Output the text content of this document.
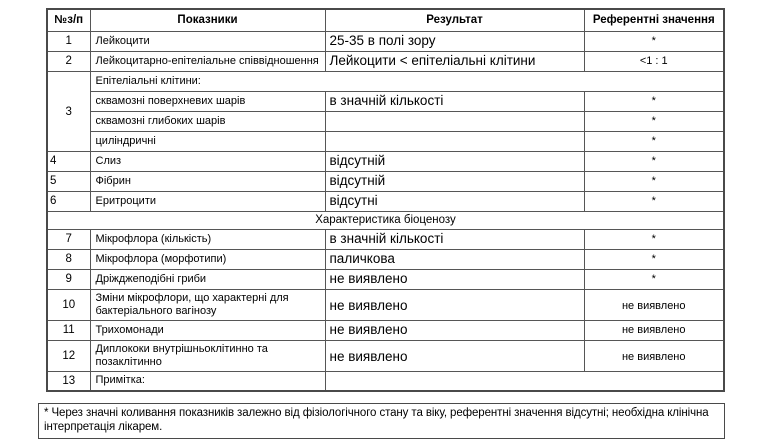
№з/п	Показники	Результат	Референтні значення
1	Лейкоцити	25-35 в полі зору	*
2	Лейкоцитарно-епітеліальне співвідношення	Лейкоцити < епітеліальні клітини	<1 : 1
3	Епітеліальні клітини:		
	сквамозні поверхневих шарів	в значній кількості	*
	сквамозні глибоких шарів		*
	циліндричні		*
4	Слиз	відсутній	*
5	Фібрин	відсутній	*
6	Еритроцити	відсутні	*
Характеристика біоценозу			
7	Мікрофлора (кількість)	в значній кількості	*
8	Мікрофлора (морфотипи)	паличкова	*
9	Дріжджеподібні гриби	не виявлено	*
10	Зміни мікрофлори, що характерні для бактеріального вагінозу	не виявлено	не виявлено
11	Трихомонади	не виявлено	не виявлено
12	Диплококи внутрішньоклітинно та позаклітинно	не виявлено	не виявлено
13	Примітка:		
* Через значні коливання показників залежно від фізіологічного стану та віку, референтні значення відсутні; необхідна клінічна інтерпретація лікарем.
